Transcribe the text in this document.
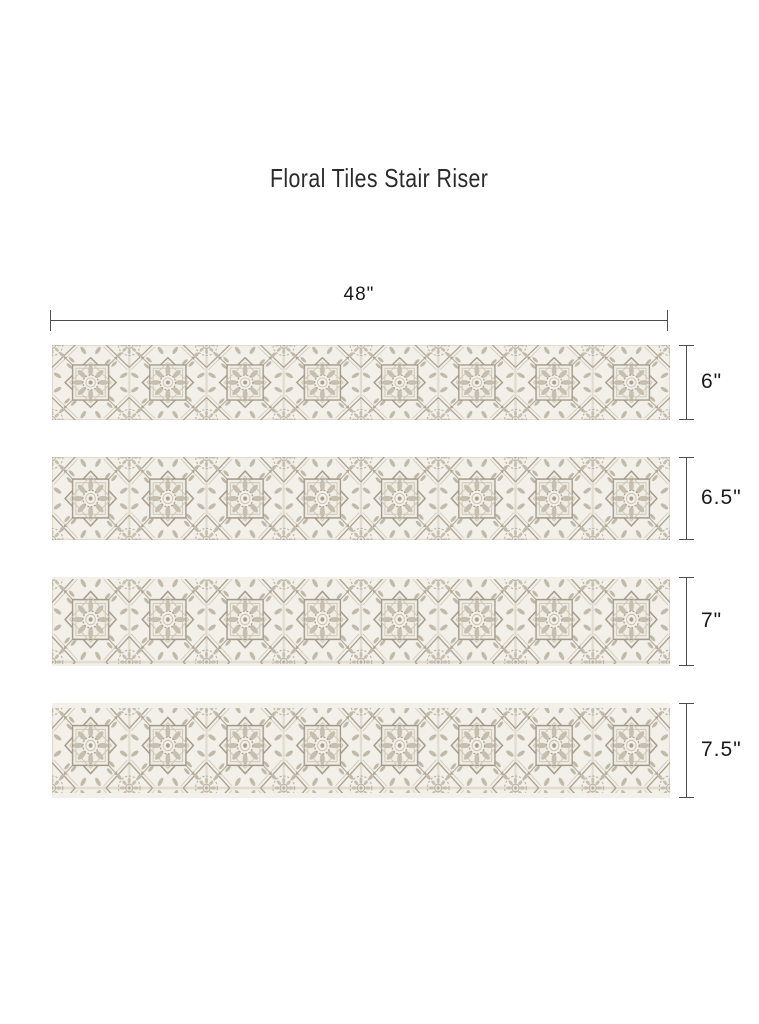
Floral Tiles Stair Riser
48"
6"
6.5"
7"
7.5"
